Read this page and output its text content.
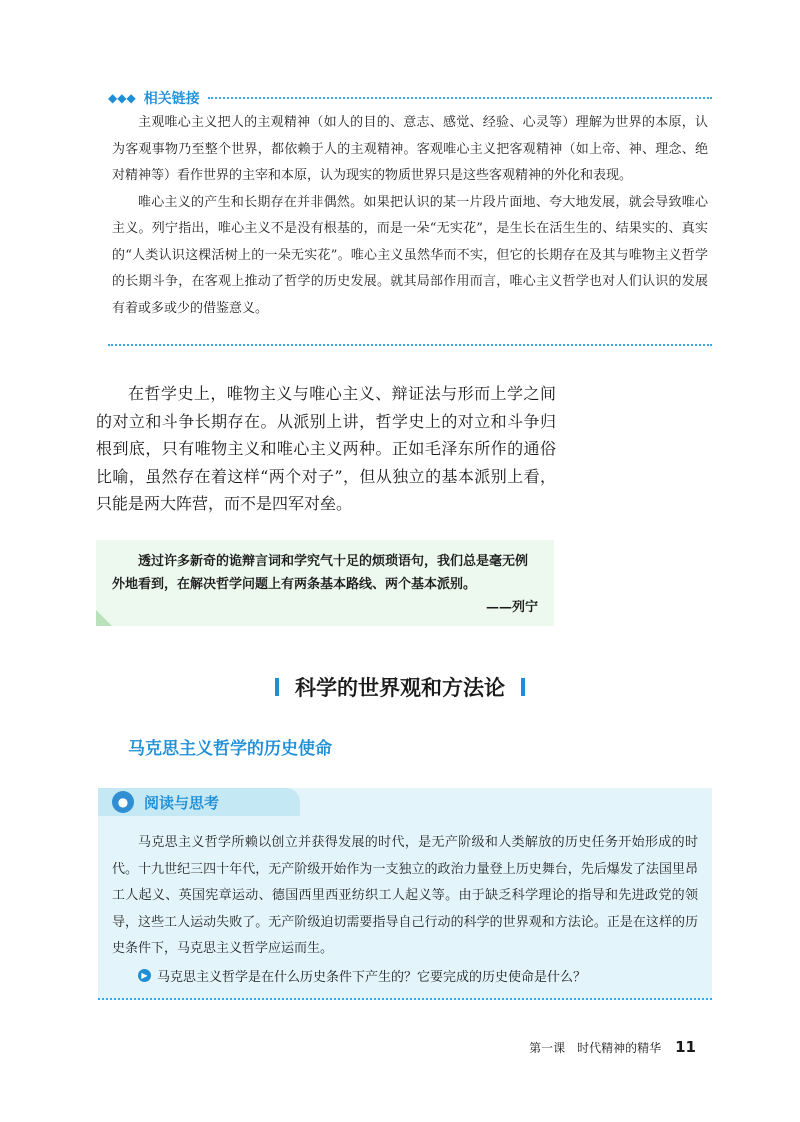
◆◆◆ 相关链接

主观唯心主义把人的主观精神（如人的目的、意志、感觉、经验、心灵等）理解为世界的本原，认为客观事物乃至整个世界，都依赖于人的主观精神。客观唯心主义把客观精神（如上帝、神、理念、绝对精神等）看作世界的主宰和本原，认为现实的物质世界只是这些客观精神的外化和表现。

唯心主义的产生和长期存在并非偶然。如果把认识的某一片段片面地、夸大地发展，就会导致唯心主义。列宁指出，唯心主义不是没有根基的，而是一朵“无实花”，是生长在活生生的、结果实的、真实的“人类认识这棵活树上的一朵无实花”。唯心主义虽然华而不实，但它的长期存在及其与唯物主义哲学的长期斗争，在客观上推动了哲学的历史发展。就其局部作用而言，唯心主义哲学也对人们认识的发展有着或多或少的借鉴意义。

在哲学史上，唯物主义与唯心主义、辩证法与形而上学之间的对立和斗争长期存在。从派别上讲，哲学史上的对立和斗争归根到底，只有唯物主义和唯心主义两种。正如毛泽东所作的通俗比喻，虽然存在着这样“两个对子”，但从独立的基本派别上看，只能是两大阵营，而不是四军对垒。

透过许多新奇的诡辩言词和学究气十足的烦琐语句，我们总是毫无例外地看到，在解决哲学问题上有两条基本路线、两个基本派别。

——列宁
科学的世界观和方法论
马克思主义哲学的历史使命
●	阅读与思考

马克思主义哲学所赖以创立并获得发展的时代，是无产阶级和人类解放的历史任务开始形成的时代。十九世纪三四十年代，无产阶级开始作为一支独立的政治力量登上历史舞台，先后爆发了法国里昂工人起义、英国宪章运动、德国西里西亚纺织工人起义等。由于缺乏科学理论的指导和先进政党的领导，这些工人运动失败了。无产阶级迫切需要指导自己行动的科学的世界观和方法论。正是在这样的历史条件下，马克思主义哲学应运而生。

▶ 马克思主义哲学是在什么历史条件下产生的？它要完成的历史使命是什么？
第一课　时代精神的精华 11
